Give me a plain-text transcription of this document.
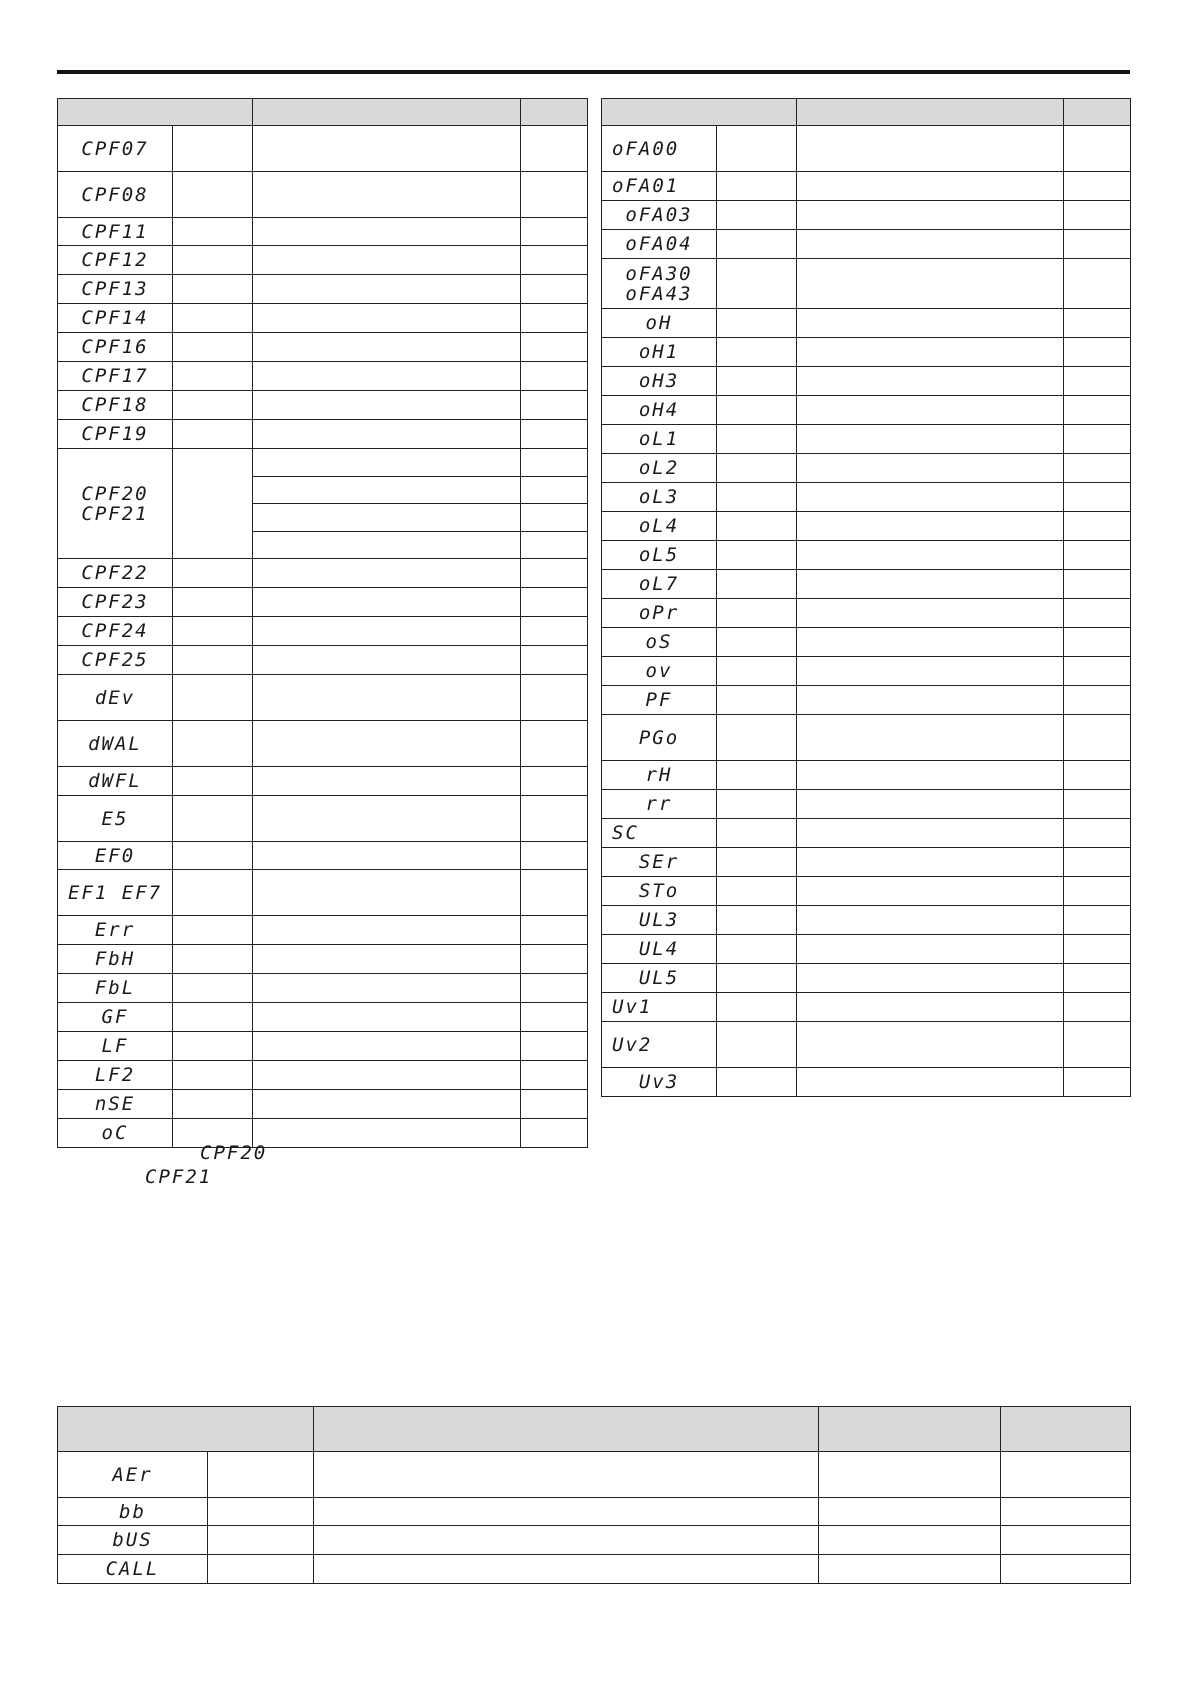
CPF07			
CPF08			
CPF11			
CPF12			
CPF13			
CPF14			
CPF16			
CPF17			
CPF18			
CPF19			

CPF20
CPF21			

CPF22			
CPF23			
CPF24			
CPF25			
dEv			
dWAL			
dWFL			
E5			
EF0			
EF1 EF7			
Err			
FbH			
FbL			
GF			
LF			
LF2			
nSE			
oC			

oFA00			
oFA01			
oFA03			
oFA04			

oFA30
oFA43			

oH			
oH1			
oH3			
oH4			
oL1			
oL2			
oL3			
oL4			
oL5			
oL7			
oPr			
oS			
ov			
PF			
PGo			
rH			
rr			
SC			
SEr			
STo			
UL3			
UL4			
UL5			
Uv1			
Uv2			
Uv3			
CPF20
CPF21

AEr				
bb				
bUS				
CALL				
